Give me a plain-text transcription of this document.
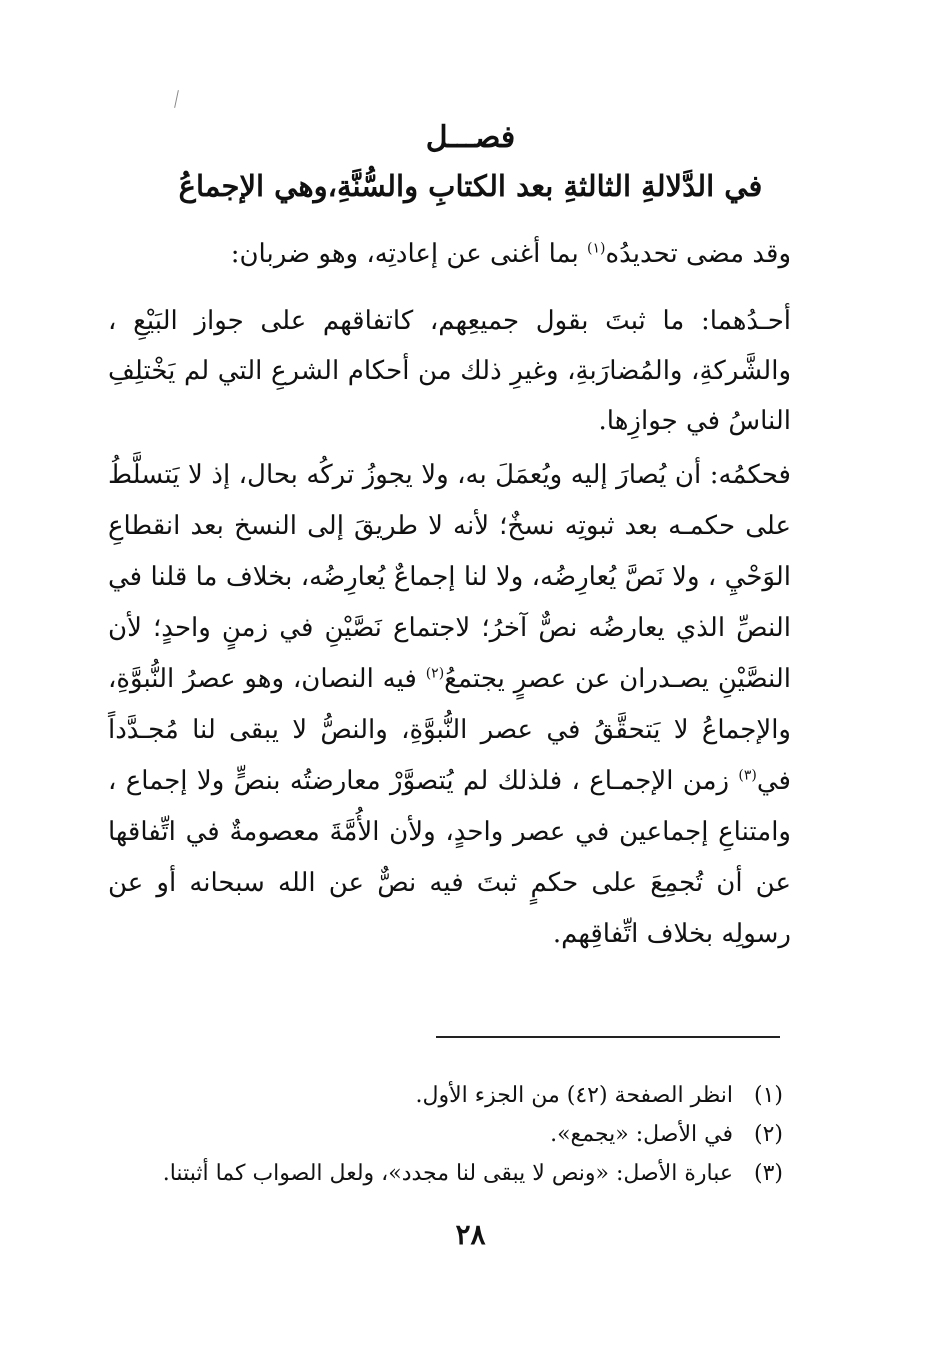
فصـــل
في الدَّلالةِ الثالثةِ بعد الكتابِ والسُّنَّةِ،وهي الإجماعُ

وقد مضى تحديدُه$^{(١)}$ بما أغنى عن إعادتِه، وهو ضربان:

أحـدُهما: ما ثبتَ بقول جميعِهم، كاتفاقهم على جواز البَيْعِ ، والشَّركةِ، والمُضارَبةِ، وغيرِ ذلك من أحكام الشرعِ التي لم يَخْتلِفِ الناسُ في جوازِها.

فحكمُه: أن يُصارَ إليه ويُعمَلَ به، ولا يجوزُ تركُه بحال، إذ لا يَتسلَّطُ على حكمـه بعد ثبوتِه نسخٌ؛ لأنه لا طريقَ إلى النسخ بعد انقطاعِ الوَحْيِ ، ولا نَصَّ يُعارِضُه، ولا لنا إجماعٌ يُعارِضُه، بخلاف ما قلنا في النصِّ الذي يعارضُه نصٌّ آخرُ؛ لاجتماع نَصَّيْنِ في زمنٍ واحدٍ؛ لأن النصَّيْنِ يصـدران عن عصرٍ يجتمعُ$^{(٢)}$ فيه النصان، وهو عصرُ النُّبوَّةِ، والإجماعُ لا يَتحقَّقُ في عصر النُّبوَّةِ، والنصُّ لا يبقى لنا مُجـدَّداً في$^{(٣)}$ زمن الإجمـاع ، فلذلك لم يُتصوَّرْ معارضتُه بنصٍّ ولا إجماع ، وامتناعِ إجماعين في عصر واحدٍ، ولأن الأُمَّةَ معصومةٌ في اتِّفاقها عن أن تُجمِعَ على حكمٍ ثبتَ فيه نصٌّ عن الله سبحانه أو عن رسولِه بخلاف اتِّفاقِهم.

(١)انظر الصفحة (٤٢) من الجزء الأول.
(٢)في الأصل: «يجمع».
(٣)عبارة الأصل: «ونص لا يبقى لنا مجدد»، ولعل الصواب كما أثبتنا.
٢٨
